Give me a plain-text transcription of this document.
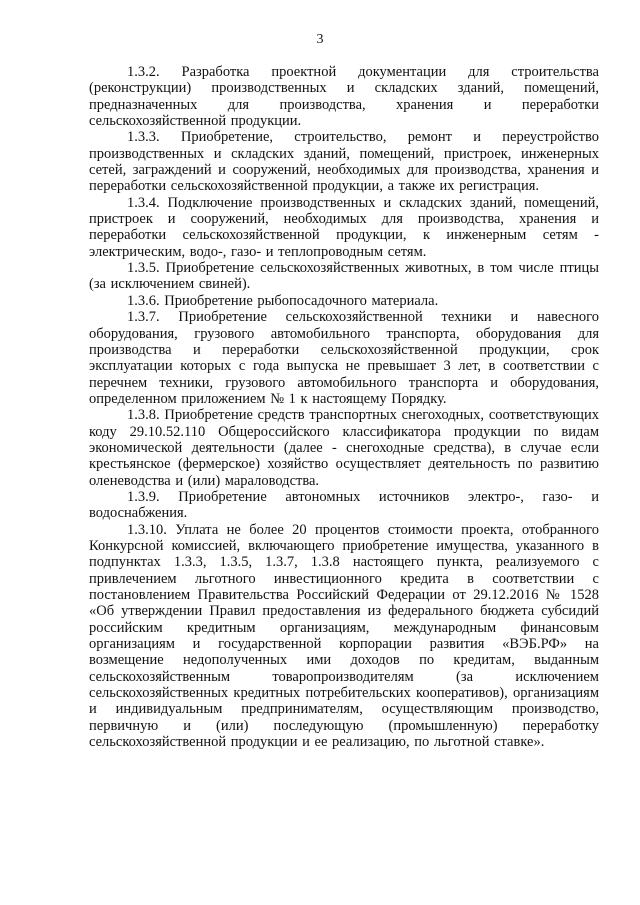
3

1.3.2. Разработка проектной документации для строительства (реконструкции) производственных и складских зданий, помещений, предназначенных для производства, хранения и переработки сельскохозяйственной продукции.

1.3.3. Приобретение, строительство, ремонт и переустройство производственных и складских зданий, помещений, пристроек, инженерных сетей, заграждений и сооружений, необходимых для производства, хранения и переработки сельскохозяйственной продукции, а также их регистрация.

1.3.4. Подключение производственных и складских зданий, помещений, пристроек и сооружений, необходимых для производства, хранения и переработки сельскохозяйственной продукции, к инженерным сетям - электрическим, водо-, газо- и теплопроводным сетям.

1.3.5. Приобретение сельскохозяйственных животных, в том числе птицы (за исключением свиней).

1.3.6. Приобретение рыбопосадочного материала.

1.3.7. Приобретение сельскохозяйственной техники и навесного оборудования, грузового автомобильного транспорта, оборудования для производства и переработки сельскохозяйственной продукции, срок эксплуатации которых с года выпуска не превышает 3 лет, в соответствии с перечнем техники, грузового автомобильного транспорта и оборудования, определенном приложением № 1 к настоящему Порядку.

1.3.8. Приобретение средств транспортных снегоходных, соответствующих коду 29.10.52.110 Общероссийского классификатора продукции по видам экономической деятельности (далее - снегоходные средства), в случае если крестьянское (фермерское) хозяйство осуществляет деятельность по развитию оленеводства и (или) мараловодства.

1.3.9. Приобретение автономных источников электро-, газо- и водоснабжения.

1.3.10. Уплата не более 20 процентов стоимости проекта, отобранного Конкурсной комиссией, включающего приобретение имущества, указанного в подпунктах 1.3.3, 1.3.5, 1.3.7, 1.3.8 настоящего пункта, реализуемого с привлечением льготного инвестиционного кредита в соответствии с постановлением Правительства Российский Федерации от 29.12.2016 № 1528 «Об утверждении Правил предоставления из федерального бюджета субсидий российским кредитным организациям, международным финансовым организациям и государственной корпорации развития «ВЭБ.РФ» на возмещение недополученных ими доходов по кредитам, выданным сельскохозяйственным товаропроизводителям (за исключением сельскохозяйственных кредитных потребительских кооперативов), организациям и индивидуальным предпринимателям, осуществляющим производство, первичную и (или) последующую (промышленную) переработку сельскохозяйственной продукции и ее реализацию, по льготной ставке».
